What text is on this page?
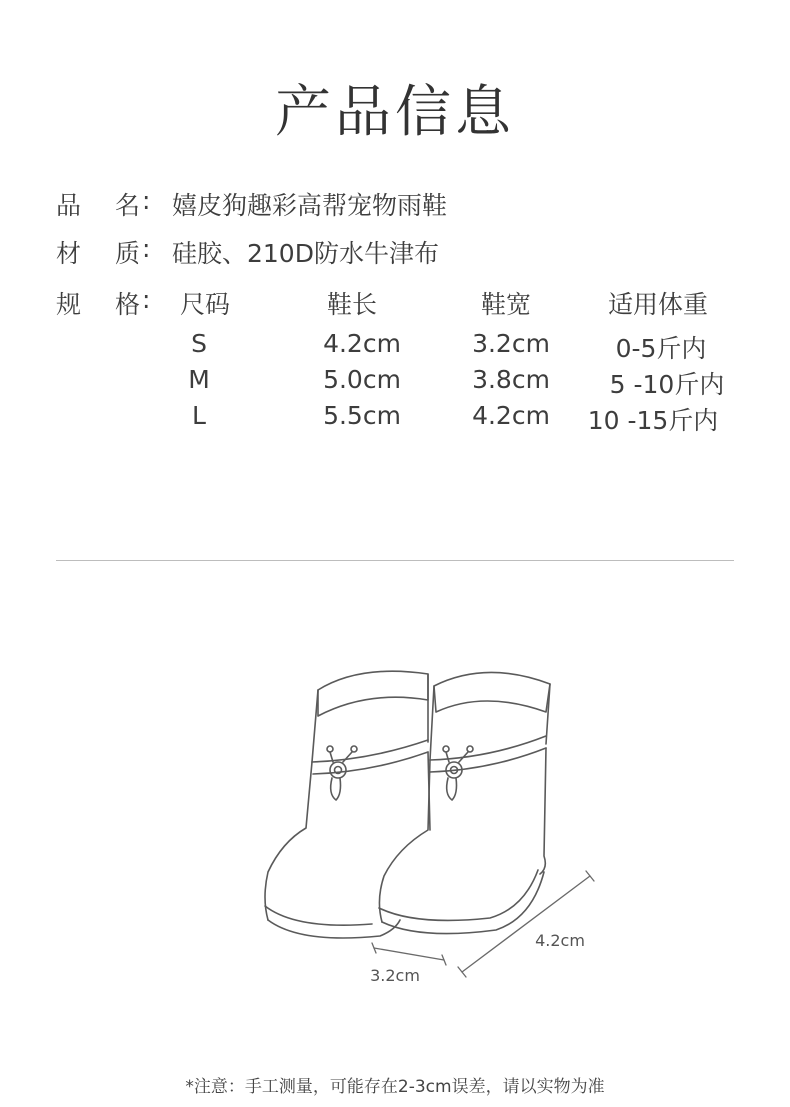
产品信息
品 名 : 嬉皮狗趣彩高帮宠物雨鞋
材 质 : 硅胶、210D防水牛津布
规 格 : 尺码	鞋长	鞋宽	适用体重
S	4.2cm	3.2cm	0-5斤内
M	5.0cm	3.8cm 5 -10斤内
L	5.5cm	4.2cm 10 -15斤内
3.2cm
4.2cm
*注意：手工测量，可能存在2-3cm误差，请以实物为准
